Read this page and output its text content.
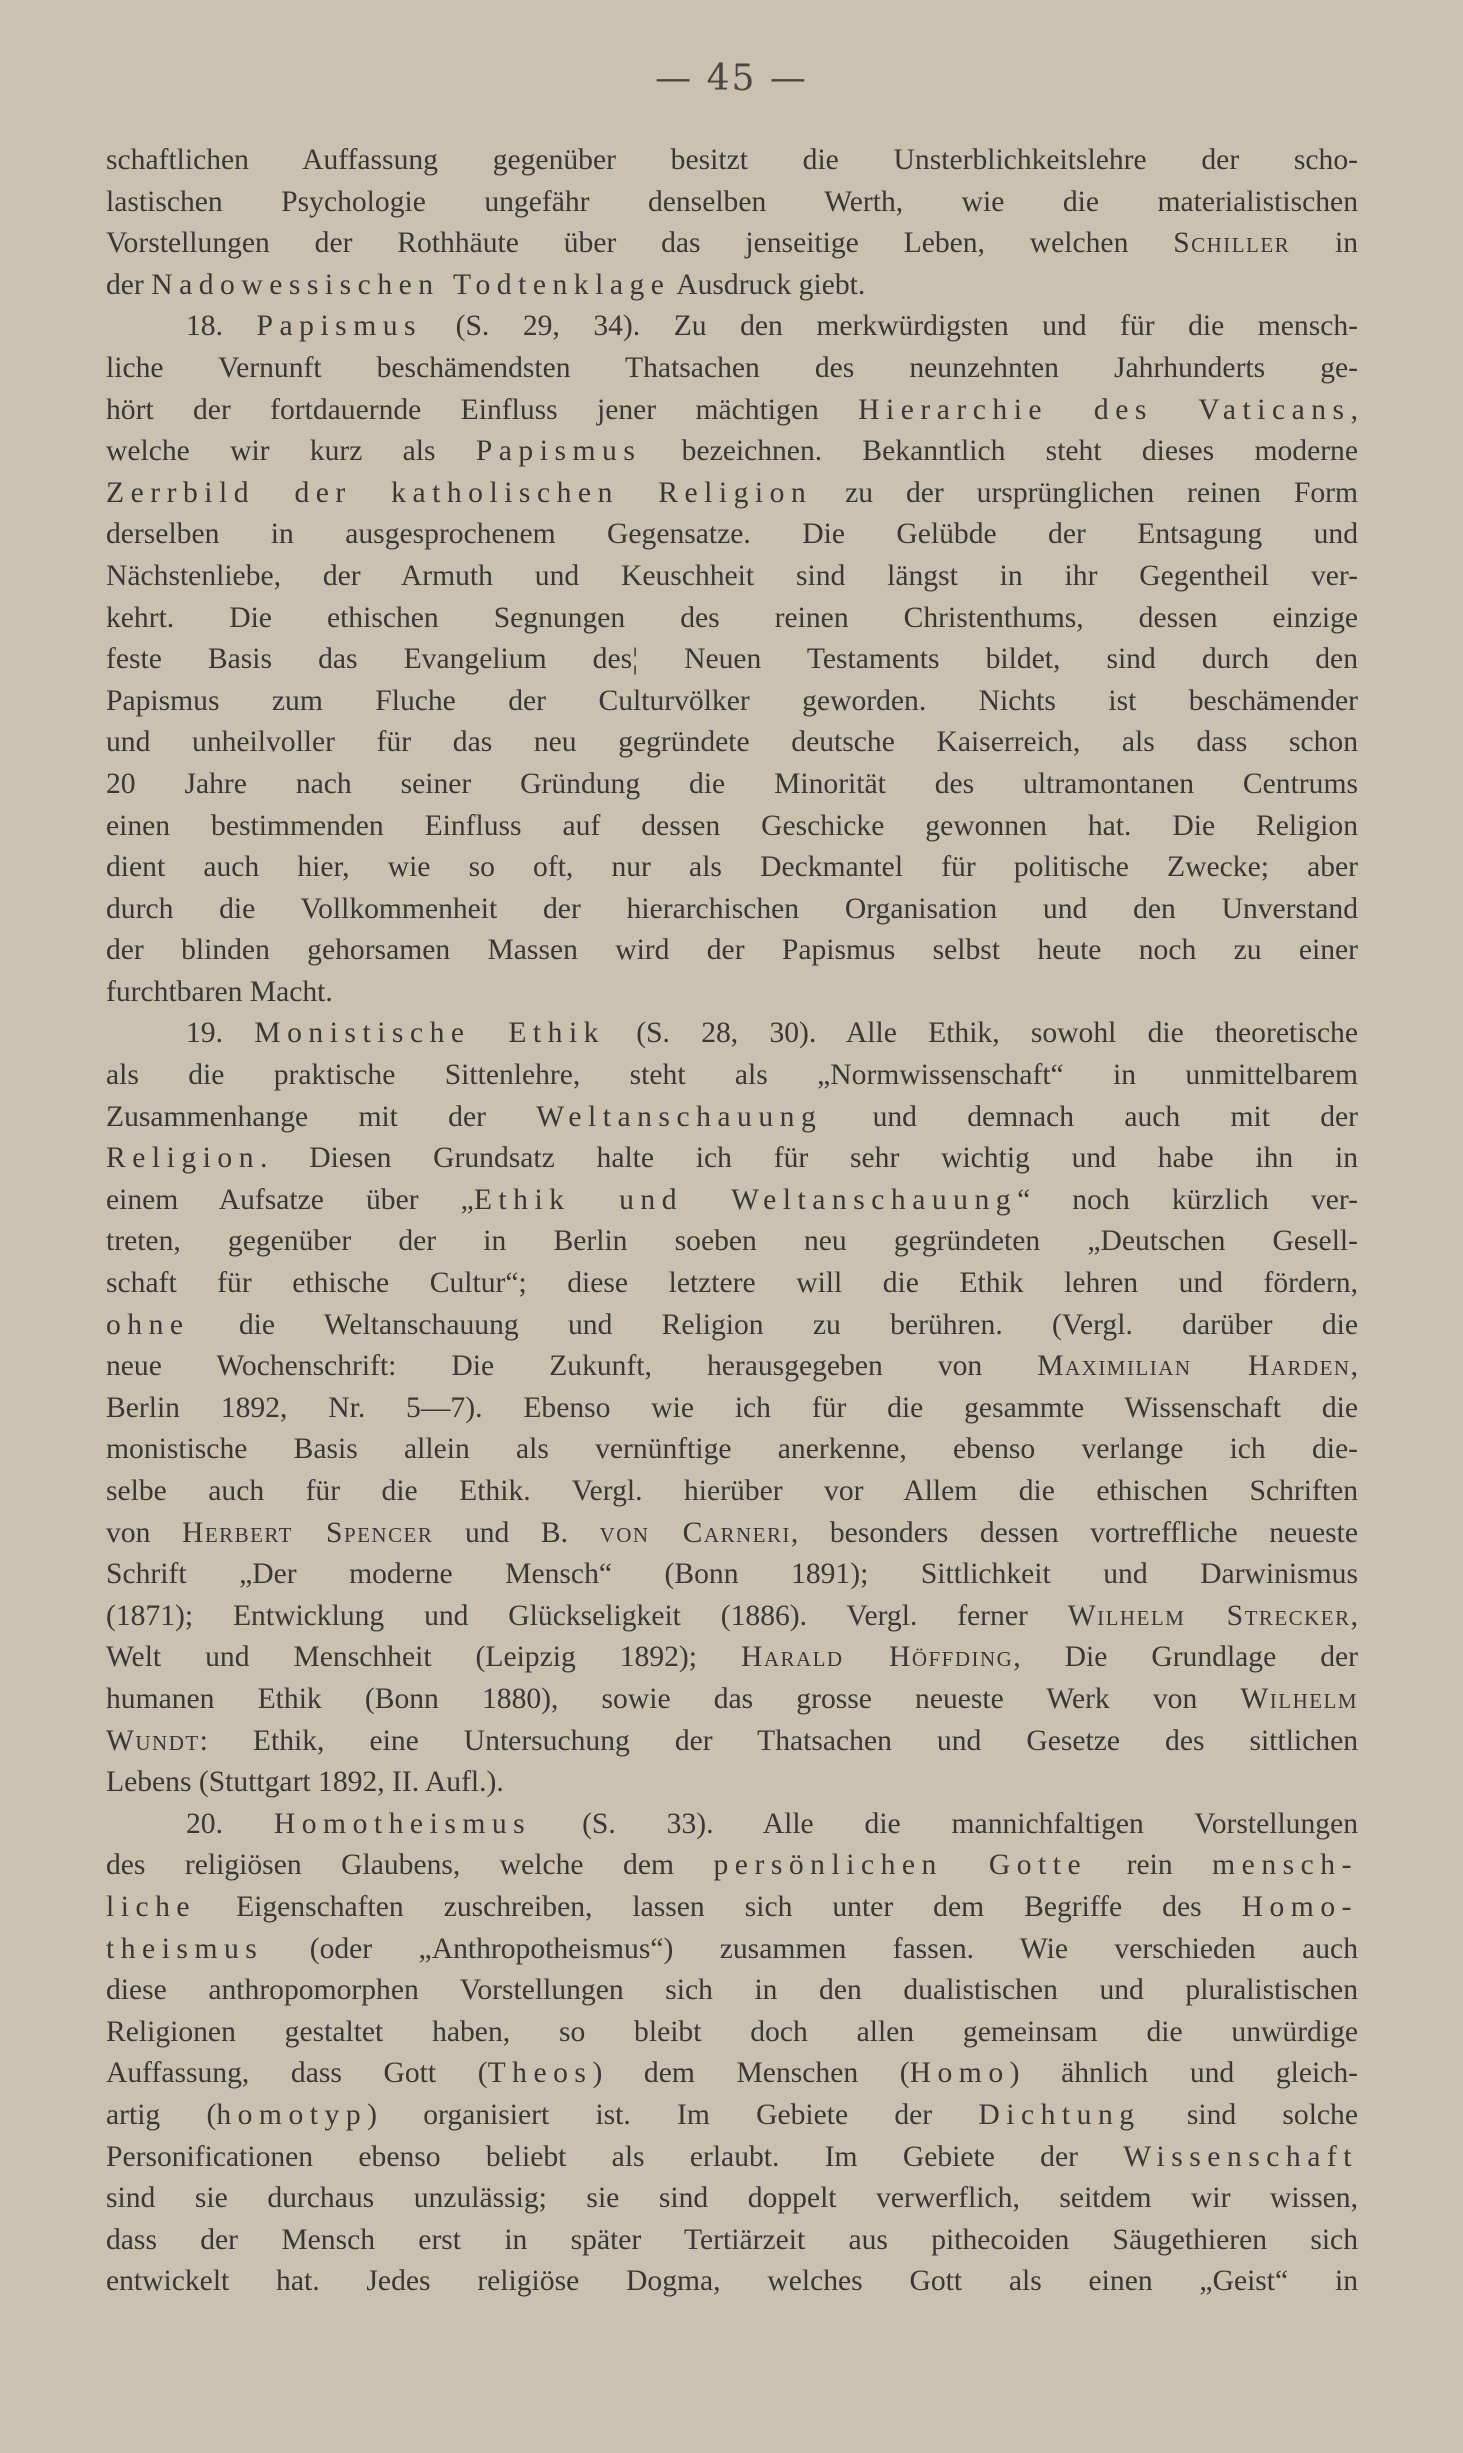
— 45 —
schaftlichen Auffassung gegenüber besitzt die Unsterblichkeitslehre der scho-
lastischen Psychologie ungefähr denselben Werth, wie die materialistischen
Vorstellungen der Rothhäute über das jenseitige Leben, welchen Schiller in
der Nadowessischen Todtenklage Ausdruck giebt.
18. Papismus (S. 29, 34). Zu den merkwürdigsten und für die mensch-
liche Vernunft beschämendsten Thatsachen des neunzehnten Jahrhunderts ge-
hört der fortdauernde Einfluss jener mächtigen Hierarchie des Vaticans,
welche wir kurz als Papismus bezeichnen. Bekanntlich steht dieses moderne
Zerrbild der katholischen Religion zu der ursprünglichen reinen Form
derselben in ausgesprochenem Gegensatze. Die Gelübde der Entsagung und
Nächstenliebe, der Armuth und Keuschheit sind längst in ihr Gegentheil ver-
kehrt. Die ethischen Segnungen des reinen Christenthums, dessen einzige
feste Basis das Evangelium des¦ Neuen Testaments bildet, sind durch den
Papismus zum Fluche der Culturvölker geworden. Nichts ist beschämender
und unheilvoller für das neu gegründete deutsche Kaiserreich, als dass schon
20 Jahre nach seiner Gründung die Minorität des ultramontanen Centrums
einen bestimmenden Einfluss auf dessen Geschicke gewonnen hat. Die Religion
dient auch hier, wie so oft, nur als Deckmantel für politische Zwecke; aber
durch die Vollkommenheit der hierarchischen Organisation und den Unverstand
der blinden gehorsamen Massen wird der Papismus selbst heute noch zu einer
furchtbaren Macht.
19. Monistische Ethik (S. 28, 30). Alle Ethik, sowohl die theoretische
als die praktische Sittenlehre, steht als „Normwissenschaft“ in unmittelbarem
Zusammenhange mit der Weltanschauung und demnach auch mit der
Religion. Diesen Grundsatz halte ich für sehr wichtig und habe ihn in
einem Aufsatze über „Ethik und Weltanschauung“ noch kürzlich ver-
treten, gegenüber der in Berlin soeben neu gegründeten „Deutschen Gesell-
schaft für ethische Cultur“; diese letztere will die Ethik lehren und fördern,
ohne die Weltanschauung und Religion zu berühren. (Vergl. darüber die
neue Wochenschrift: Die Zukunft, herausgegeben von Maximilian Harden,
Berlin 1892, Nr. 5—7). Ebenso wie ich für die gesammte Wissenschaft die
monistische Basis allein als vernünftige anerkenne, ebenso verlange ich die-
selbe auch für die Ethik. Vergl. hierüber vor Allem die ethischen Schriften
von Herbert Spencer und B. von Carneri, besonders dessen vortreffliche neueste
Schrift „Der moderne Mensch“ (Bonn 1891); Sittlichkeit und Darwinismus
(1871); Entwicklung und Glückseligkeit (1886). Vergl. ferner Wilhelm Strecker,
Welt und Menschheit (Leipzig 1892); Harald Höffding, Die Grundlage der
humanen Ethik (Bonn 1880), sowie das grosse neueste Werk von Wilhelm
Wundt: Ethik, eine Untersuchung der Thatsachen und Gesetze des sittlichen
Lebens (Stuttgart 1892, II. Aufl.).
20. Homotheismus (S. 33). Alle die mannichfaltigen Vorstellungen
des religiösen Glaubens, welche dem persönlichen Gotte rein mensch-
liche Eigenschaften zuschreiben, lassen sich unter dem Begriffe des Homo-
theismus (oder „Anthropotheismus“) zusammen fassen. Wie verschieden auch
diese anthropomorphen Vorstellungen sich in den dualistischen und pluralistischen
Religionen gestaltet haben, so bleibt doch allen gemeinsam die unwürdige
Auffassung, dass Gott (Theos) dem Menschen (Homo) ähnlich und gleich-
artig (homotyp) organisiert ist. Im Gebiete der Dichtung sind solche
Personificationen ebenso beliebt als erlaubt. Im Gebiete der Wissenschaft
sind sie durchaus unzulässig; sie sind doppelt verwerflich, seitdem wir wissen,
dass der Mensch erst in später Tertiärzeit aus pithecoiden Säugethieren sich
entwickelt hat. Jedes religiöse Dogma, welches Gott als einen „Geist“ in
